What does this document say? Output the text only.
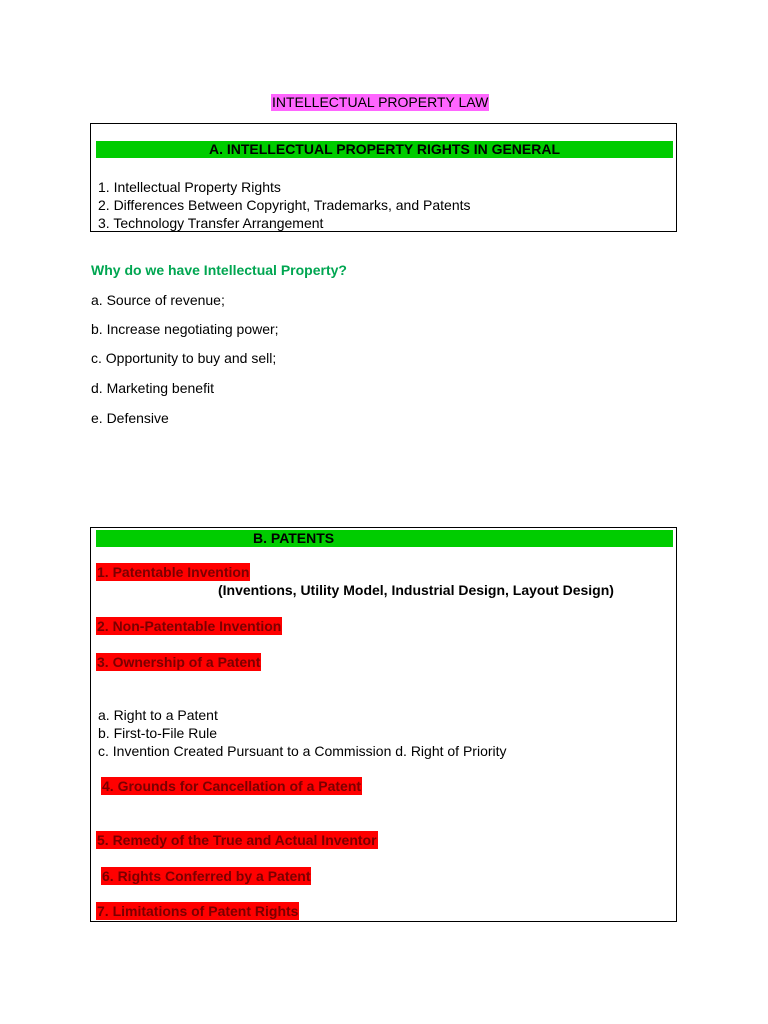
INTELLECTUAL PROPERTY LAW
A. INTELLECTUAL PROPERTY RIGHTS IN GENERAL
1. Intellectual Property Rights
2. Differences Between Copyright, Trademarks, and Patents
3. Technology Transfer Arrangement
Why do we have Intellectual Property?
a. Source of revenue;
b. Increase negotiating power;
c. Opportunity to buy and sell;
d. Marketing benefit
e. Defensive
B. PATENTS
1. Patentable Invention
(Inventions, Utility Model, Industrial Design, Layout Design)
2. Non-Patentable Invention
3. Ownership of a Patent
a. Right to a Patent
b. First-to-File Rule
c. Invention Created Pursuant to a Commission d. Right of Priority
4. Grounds for Cancellation of a Patent
5. Remedy of the True and Actual Inventor
6. Rights Conferred by a Patent
7. Limitations of Patent Rights
